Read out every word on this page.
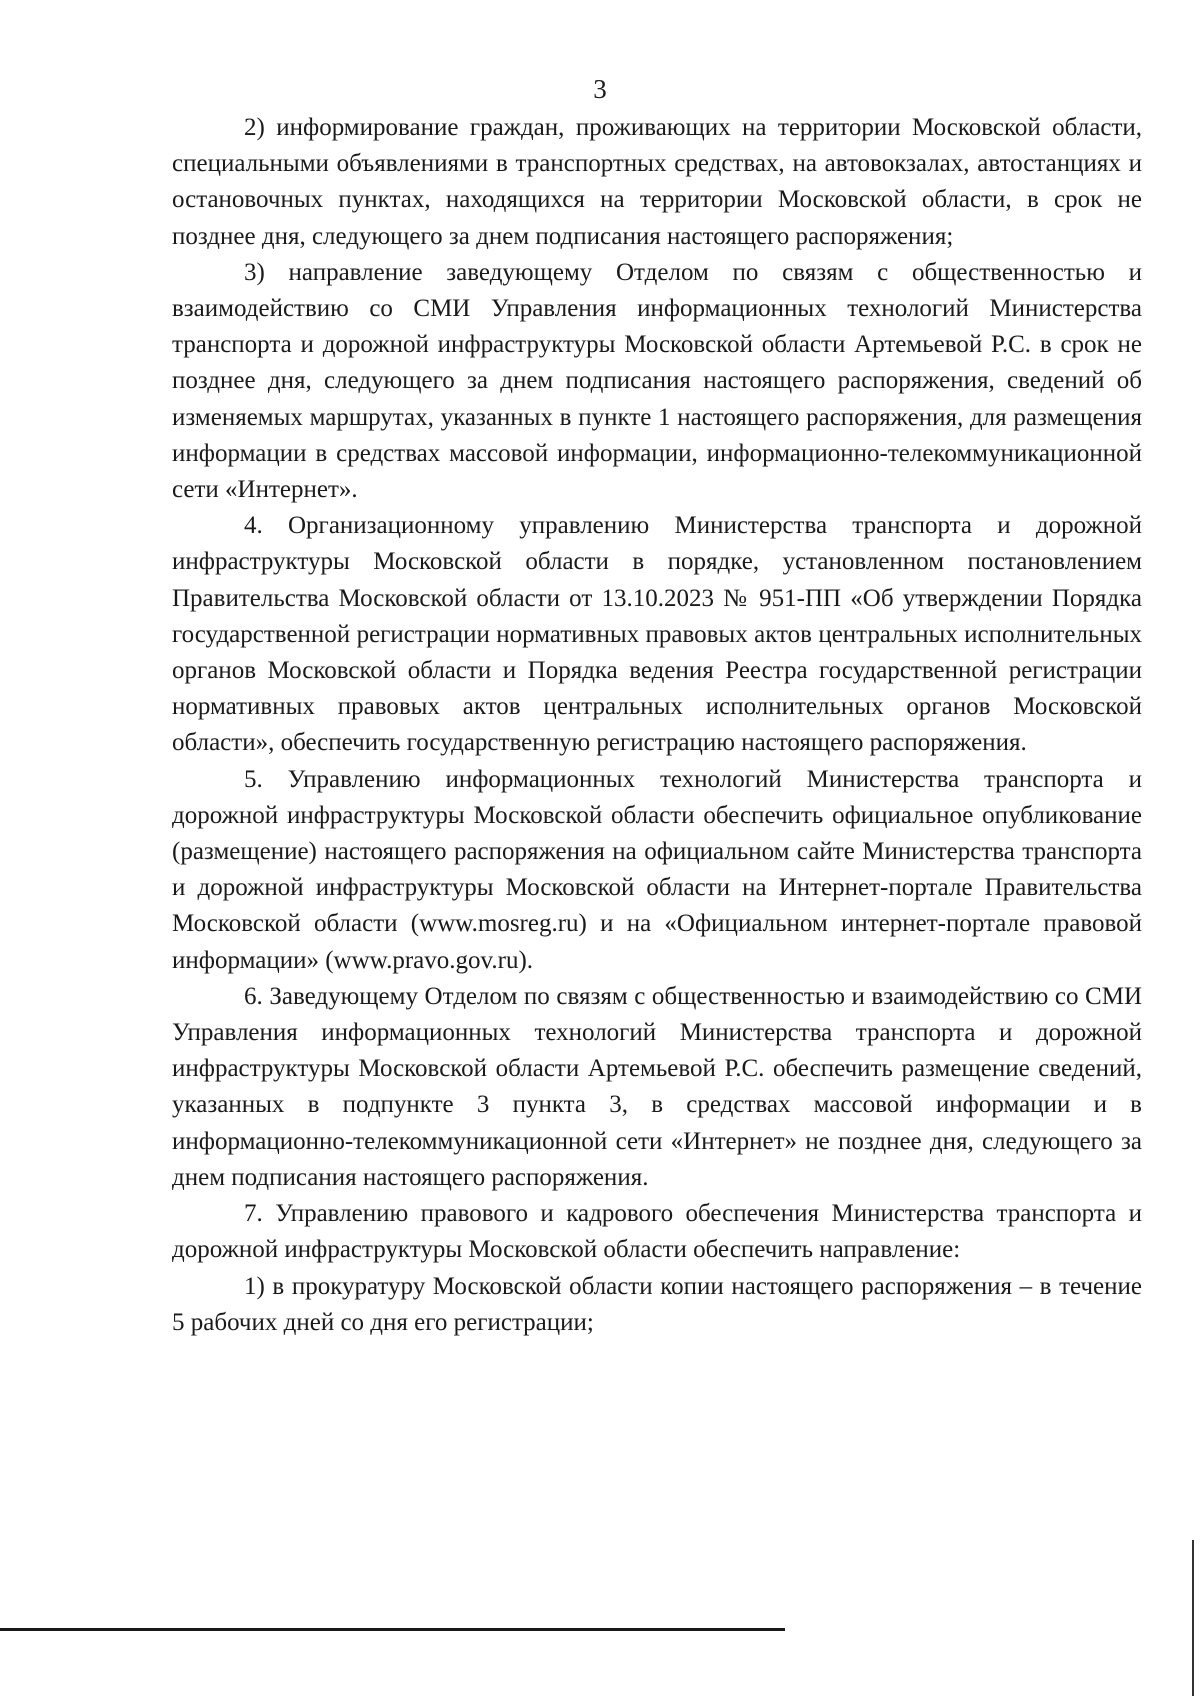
3

2) информирование граждан, проживающих на территории Московской области, специальными объявлениями в транспортных средствах, на автовокзалах, автостанциях и остановочных пунктах, находящихся на территории Московской области, в срок не позднее дня, следующего за днем подписания настоящего распоряжения;

3) направление заведующему Отделом по связям с общественностью и взаимодействию со СМИ Управления информационных технологий Министерства транспорта и дорожной инфраструктуры Московской области Артемьевой Р.С. в срок не позднее дня, следующего за днем подписания настоящего распоряжения, сведений об изменяемых маршрутах, указанных в пункте 1 настоящего распоряжения, для размещения информации в средствах массовой информации, информационно-телекоммуникационной сети «Интернет».

4. Организационному управлению Министерства транспорта и дорожной инфраструктуры Московской области в порядке, установленном постановлением Правительства Московской области от 13.10.2023 № 951-ПП «Об утверждении Порядка государственной регистрации нормативных правовых актов центральных исполнительных органов Московской области и Порядка ведения Реестра государственной регистрации нормативных правовых актов центральных исполнительных органов Московской области», обеспечить государственную регистрацию настоящего распоряжения.

5. Управлению информационных технологий Министерства транспорта и дорожной инфраструктуры Московской области обеспечить официальное опубликование (размещение) настоящего распоряжения на официальном сайте Министерства транспорта и дорожной инфраструктуры Московской области на Интернет-портале Правительства Московской области (www.mosreg.ru) и на «Официальном интернет-портале правовой информации» (www.pravo.gov.ru).

6. Заведующему Отделом по связям с общественностью и взаимодействию со СМИ Управления информационных технологий Министерства транспорта и дорожной инфраструктуры Московской области Артемьевой Р.С. обеспечить размещение сведений, указанных в подпункте 3 пункта 3, в средствах массовой информации и в информационно-телекоммуникационной сети «Интернет» не позднее дня, следующего за днем подписания настоящего распоряжения.

7. Управлению правового и кадрового обеспечения Министерства транспорта и дорожной инфраструктуры Московской области обеспечить направление:

1) в прокуратуру Московской области копии настоящего распоряжения – в течение 5 рабочих дней со дня его регистрации;
